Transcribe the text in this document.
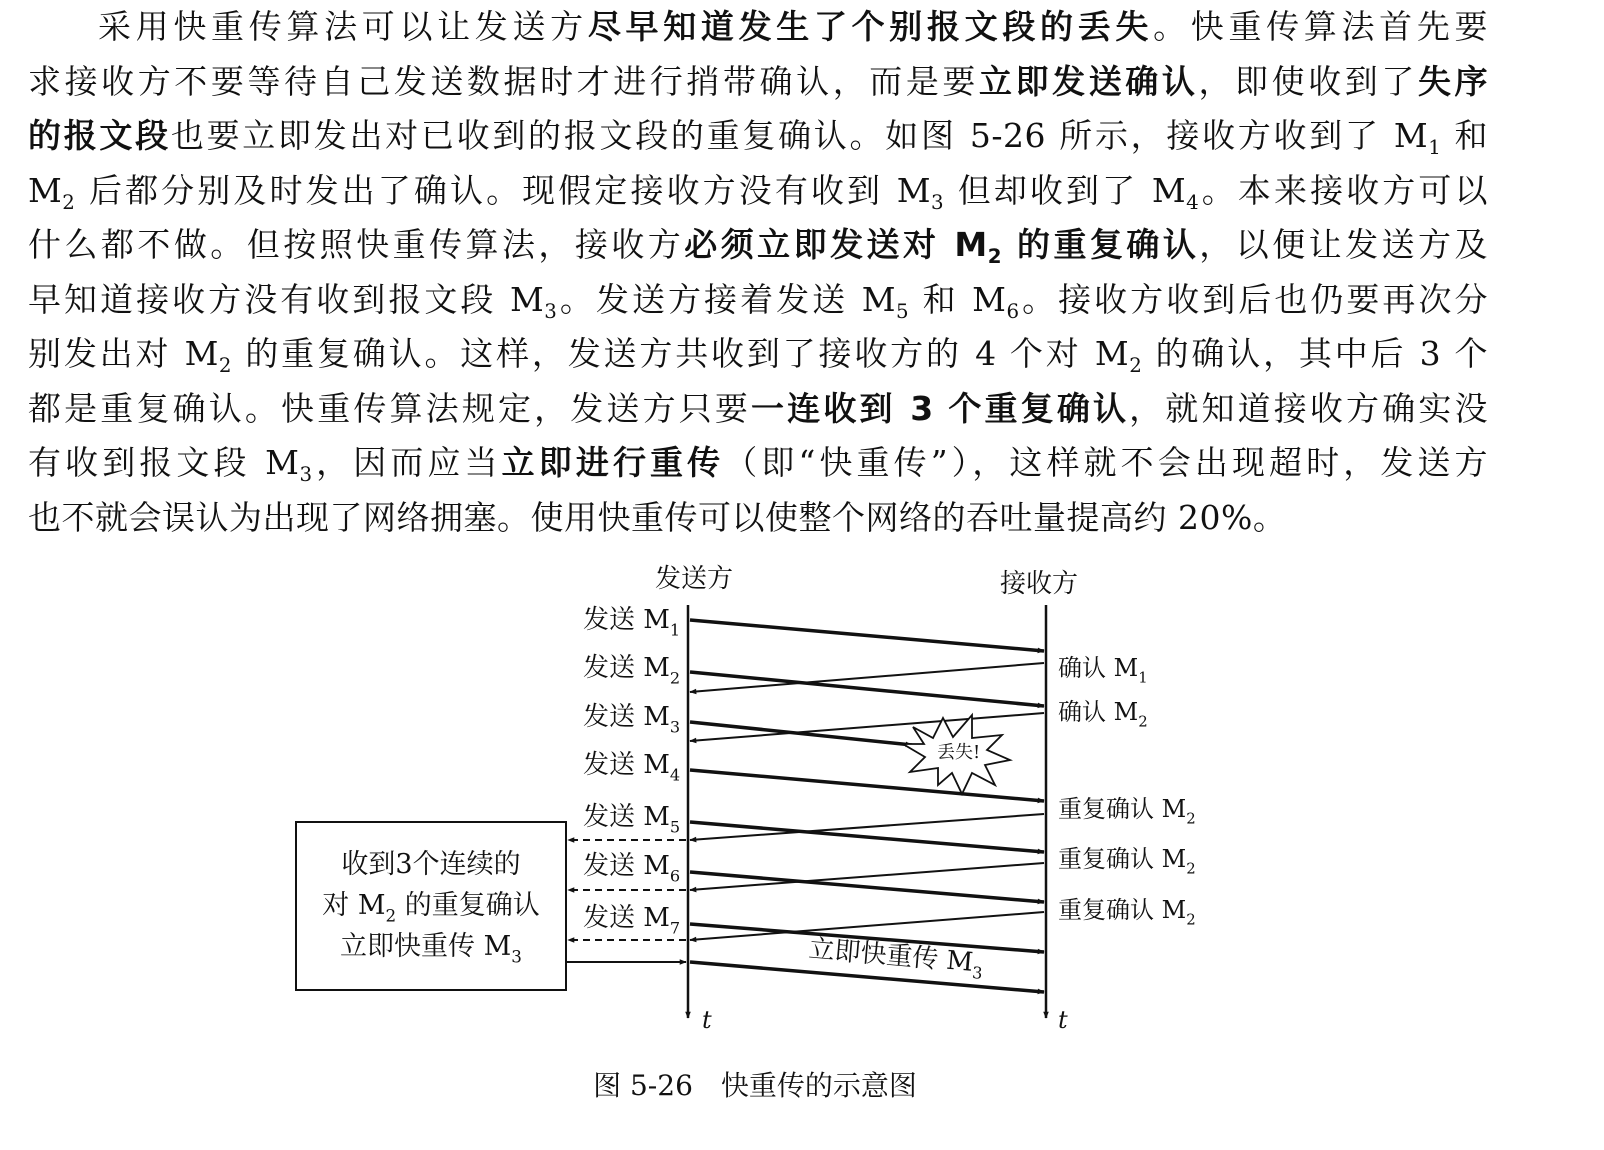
采用快重传算法可以让发送方尽早知道发生了个别报文段的丢失。快重传算法首先要
求接收方不要等待自己发送数据时才进行捎带确认，而是要立即发送确认，即使收到了失序
的报文段也要立即发出对已收到的报文段的重复确认。如图 5-26 所示，接收方收到了 $M_1$ 和
$M_2$ 后都分别及时发出了确认。现假定接收方没有收到 $M_3$ 但却收到了 $M_4$。本来接收方可以
什么都不做。但按照快重传算法，接收方必须立即发送对 $M_2$ 的重复确认，以便让发送方及
早知道接收方没有收到报文段 $M_3$。发送方接着发送 $M_5$ 和 $M_6$。接收方收到后也仍要再次分
别发出对 $M_2$ 的重复确认。这样，发送方共收到了接收方的 4 个对 $M_2$ 的确认，其中后 3 个
都是重复确认。快重传算法规定，发送方只要一连收到 3 个重复确认，就知道接收方确实没
有收到报文段 $M_3$，因而应当立即进行重传（即“快重传”），这样就不会出现超时，发送方
也不就会误认为出现了网络拥塞。使用快重传可以使整个网络的吞吐量提高约 20%。
发送方	接收方
t	t
发送 $M_1$
发送 $M_2$
发送 $M_3$
发送 $M_4$
发送 $M_5$
发送 $M_6$
发送 $M_7$
确认 $M_1$
确认 $M_2$
重复确认 $M_2$
重复确认 $M_2$
重复确认 $M_2$
丢失!
立即快重传 $M_3$
收到3个连续的
对 $M_2$ 的重复确认
立即快重传 $M_3$
图 5-26　快重传的示意图
